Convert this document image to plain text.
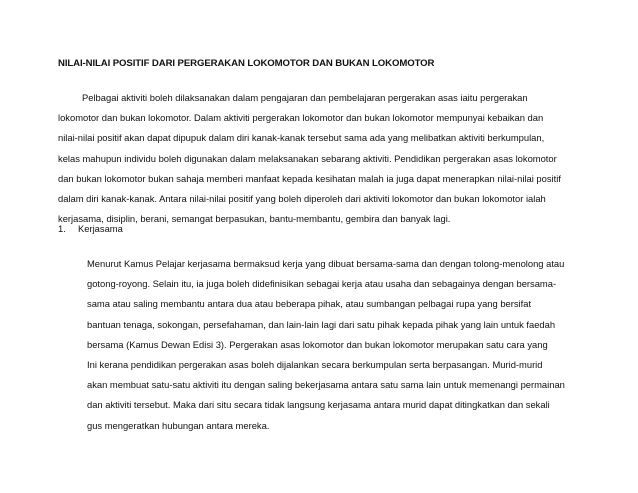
NILAI-NILAI POSITIF DARI PERGERAKAN LOKOMOTOR DAN BUKAN LOKOMOTOR
Pelbagai aktiviti boleh dilaksanakan dalam pengajaran dan pembelajaran pergerakan asas iaitu pergerakan
lokomotor dan bukan lokomotor. Dalam aktiviti pergerakan lokomotor dan bukan lokomotor mempunyai kebaikan dan
nilai-nilai positif akan dapat dipupuk dalam diri kanak-kanak tersebut sama ada yang melibatkan aktiviti berkumpulan,
kelas mahupun individu boleh digunakan dalam melaksanakan sebarang aktiviti. Pendidikan pergerakan asas lokomotor
dan bukan lokomotor bukan sahaja memberi manfaat kepada kesihatan malah ia juga dapat menerapkan nilai-nilai positif
dalam diri kanak-kanak. Antara nilai-nilai positif yang boleh diperoleh dari aktiviti lokomotor dan bukan lokomotor ialah
kerjasama, disiplin, berani, semangat berpasukan, bantu-membantu, gembira dan banyak lagi.
1. Kerjasama
Menurut Kamus Pelajar kerjasama bermaksud kerja yang dibuat bersama-sama dan dengan tolong-menolong atau
gotong-royong. Selain itu, ia juga boleh didefinisikan sebagai kerja atau usaha dan sebagainya dengan bersama-
sama atau saling membantu antara dua atau beberapa pihak, atau sumbangan pelbagai rupa yang bersifat
bantuan tenaga, sokongan, persefahaman, dan lain-lain lagi dari satu pihak kepada pihak yang lain untuk faedah
bersama (Kamus Dewan Edisi 3). Pergerakan asas lokomotor dan bukan lokomotor merupakan satu cara yang
Ini kerana pendidikan pergerakan asas boleh dijalankan secara berkumpulan serta berpasangan. Murid-murid
akan membuat satu-satu aktiviti itu dengan saling bekerjasama antara satu sama lain untuk memenangi permainan
dan aktiviti tersebut. Maka dari situ secara tidak langsung kerjasama antara murid dapat ditingkatkan dan sekali
gus mengeratkan hubungan antara mereka.
